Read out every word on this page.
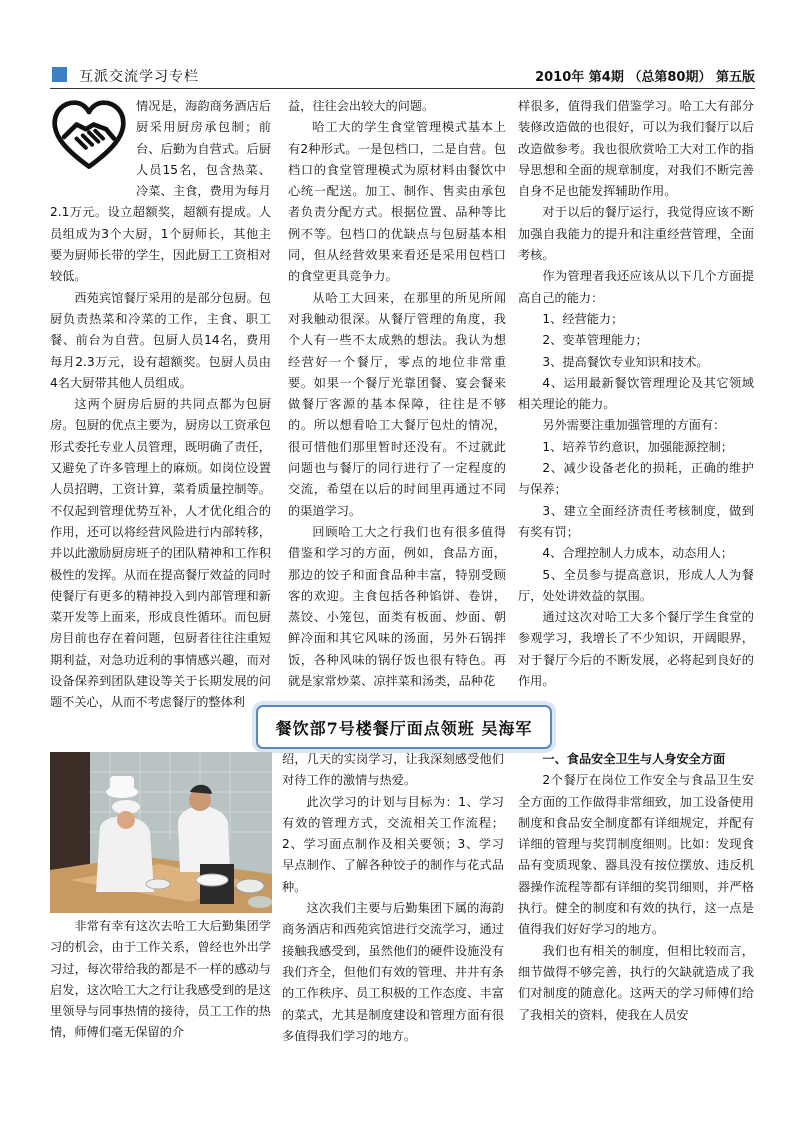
互派交流学习专栏	2010年 第4期 （总第80期） 第五版

情况是，海韵商务酒店后厨采用厨房承包制；前台、后勤为自营式。后厨人员15名，包含热菜、冷菜、主食，费用为每月2.1万元。设立超额奖，超额有提成。人员组成为3个大厨，1个厨师长，其他主要为厨师长带的学生，因此厨工工资相对较低。

西苑宾馆餐厅采用的是部分包厨。包厨负责热菜和冷菜的工作，主食、职工餐、前台为自营。包厨人员14名，费用每月2.3万元，设有超额奖。包厨人员由4名大厨带其他人员组成。

这两个厨房后厨的共同点都为包厨房。包厨的优点主要为，厨房以工资承包形式委托专业人员管理，既明确了责任，又避免了许多管理上的麻烦。如岗位设置人员招聘，工资计算，菜肴质量控制等。不仅起到管理优势互补，人才优化组合的作用，还可以将经营风险进行内部转移，并以此激励厨房班子的团队精神和工作积极性的发挥。从而在提高餐厅效益的同时使餐厅有更多的精神投入到内部管理和新菜开发等上面来，形成良性循环。而包厨房目前也存在着问题，包厨者往往注重短期利益，对急功近利的事情感兴趣，而对设备保养到团队建设等关于长期发展的问题不关心，从而不考虑餐厅的整体利

益，往往会出较大的问题。

哈工大的学生食堂管理模式基本上有2种形式。一是包档口，二是自营。包档口的食堂管理模式为原材料由餐饮中心统一配送。加工、制作、售卖由承包者负责分配方式。根据位置、品种等比例不等。包档口的优缺点与包厨基本相同，但从经营效果来看还是采用包档口的食堂更具竞争力。

从哈工大回来，在那里的所见所闻对我触动很深。从餐厅管理的角度，我个人有一些不太成熟的想法。我认为想经营好一个餐厅，零点的地位非常重要。如果一个餐厅光靠团餐、宴会餐来做餐厅客源的基本保障，往往是不够的。所以想看哈工大餐厅包灶的情况，很可惜他们那里暂时还没有。不过就此问题也与餐厅的同行进行了一定程度的交流，希望在以后的时间里再通过不同的渠道学习。

回顾哈工大之行我们也有很多值得借鉴和学习的方面，例如，食品方面，那边的饺子和面食品种丰富，特别受顾客的欢迎。主食包括各种馅饼、卷饼，蒸饺、小笼包，面类有板面、炒面、朝鲜冷面和其它风味的汤面，另外石锅拌饭，各种风味的锅仔饭也很有特色。再就是家常炒菜、凉拌菜和汤类，品种花

样很多，值得我们借鉴学习。哈工大有部分装修改造做的也很好，可以为我们餐厅以后改造做参考。我也很欣赏哈工大对工作的指导思想和全面的规章制度，对我们不断完善自身不足也能发挥辅助作用。

对于以后的餐厅运行，我觉得应该不断加强自我能力的提升和注重经营管理，全面考核。

作为管理者我还应该从以下几个方面提高自己的能力：

1、经营能力；

2、变革管理能力；

3、提高餐饮专业知识和技术。

4、运用最新餐饮管理理论及其它领域相关理论的能力。

另外需要注重加强管理的方面有：

1、培养节约意识，加强能源控制；

2、减少设备老化的损耗，正确的维护与保养；

3、建立全面经济责任考核制度，做到有奖有罚；

4、合理控制人力成本，动态用人；

5、全员参与提高意识，形成人人为餐厅，处处讲效益的氛围。

通过这次对哈工大多个餐厅学生食堂的参观学习，我增长了不少知识，开阔眼界，对于餐厅今后的不断发展，必将起到良好的作用。

餐饮部7号楼餐厅面点领班 吴海军

非常有幸有这次去哈工大后勤集团学习的机会，由于工作关系，曾经也外出学习过，每次带给我的都是不一样的感动与启发，这次哈工大之行让我感受到的是这里领导与同事热情的接待，员工工作的热情，师傅们毫无保留的介

绍，几天的实岗学习，让我深刻感受他们对待工作的激情与热爱。

此次学习的计划与目标为：1、学习有效的管理方式，交流相关工作流程；2、学习面点制作及相关要领；3、学习早点制作、了解各种饺子的制作与花式品种。

这次我们主要与后勤集团下属的海韵商务酒店和西苑宾馆进行交流学习，通过接触我感受到，虽然他们的硬件设施没有我们齐全，但他们有效的管理、井井有条的工作秩序、员工积极的工作态度、丰富的菜式，尤其是制度建设和管理方面有很多值得我们学习的地方。

一、食品安全卫生与人身安全方面

2个餐厅在岗位工作安全与食品卫生安全方面的工作做得非常细致，加工设备使用制度和食品安全制度都有详细规定，并配有详细的管理与奖罚制度细则。比如：发现食品有变质现象、器具没有按位摆放、违反机器操作流程等都有详细的奖罚细则，并严格执行。健全的制度和有效的执行，这一点是值得我们好好学习的地方。

我们也有相关的制度，但相比较而言，细节做得不够完善，执行的欠缺就造成了我们对制度的随意化。这两天的学习师傅们给了我相关的资料，使我在人员安
